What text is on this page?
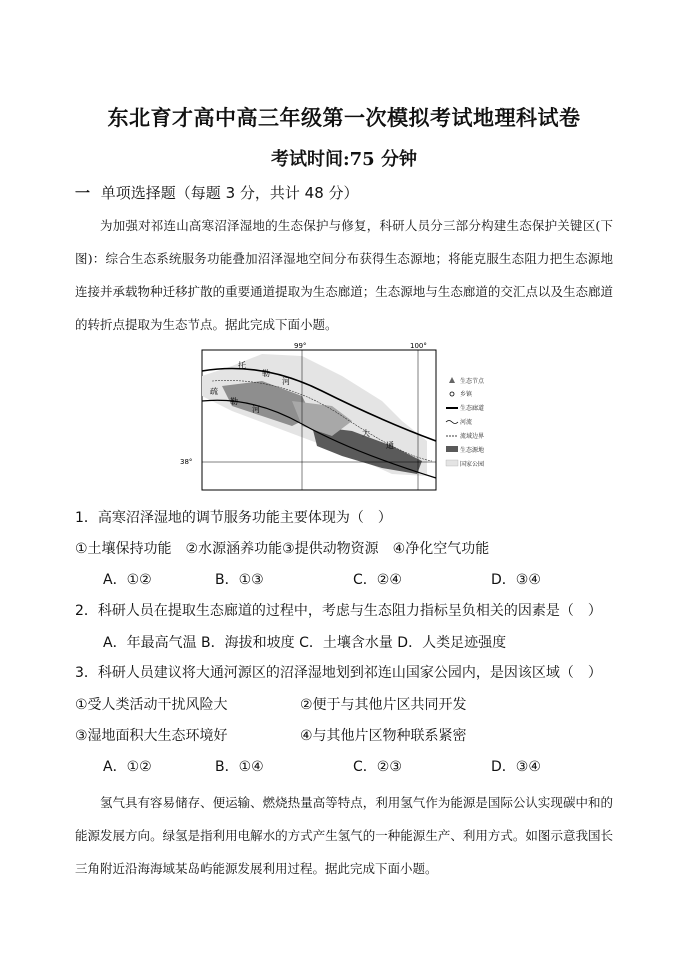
东北育才高中高三年级第一次模拟考试地理科试卷
考试时间:75 分钟
一 单项选择题（每题 3 分，共计 48 分）
为加强对祁连山高寒沼泽湿地的生态保护与修复，科研人员分三部分构建生态保护关键区(下图)：综合生态系统服务功能叠加沼泽湿地空间分布获得生态源地；将能克服生态阻力把生态源地连接并承载物种迁移扩散的重要通道提取为生态廊道；生态源地与生态廊道的交汇点以及生态廊道的转折点提取为生态节点。据此完成下面小题。
99°	100°
38°
托
勒
河
疏
勒
河
大
通
生态节点
乡镇
生态廊道
河流
流域边界
生态源地
国家公园
1．高寒沼泽湿地的调节服务功能主要体现为（　）
①土壤保持功能　②水源涵养功能③提供动物资源　④净化空气功能
A．①②	B．①③	C．②④	D．③④
2．科研人员在提取生态廊道的过程中，考虑与生态阻力指标呈负相关的因素是（　）
A．年最高气温 B．海拔和坡度 C．土壤含水量 D．人类足迹强度
3．科研人员建议将大通河源区的沼泽湿地划到祁连山国家公园内，是因该区域（　）
①受人类活动干扰风险大	②便于与其他片区共同开发
③湿地面积大生态环境好	④与其他片区物种联系紧密
A．①②	B．①④	C．②③	D．③④
氢气具有容易储存、便运输、燃烧热量高等特点，利用氢气作为能源是国际公认实现碳中和的能源发展方向。绿氢是指利用电解水的方式产生氢气的一种能源生产、利用方式。如图示意我国长三角附近沿海海域某岛屿能源发展利用过程。据此完成下面小题。
